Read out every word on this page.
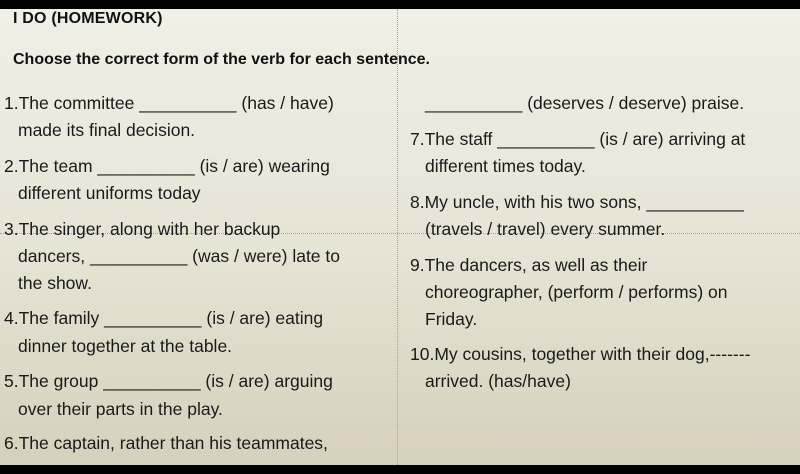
I DO (HOMEWORK)
Choose the correct form of the verb for each sentence.
1.The committee __________ (has / have)
made its final decision.
2.The team __________ (is / are) wearing
different uniforms today
3.The singer, along with her backup
dancers, __________ (was / were) late to
the show.
4.The family __________ (is / are) eating
dinner together at the table.
5.The group __________ (is / are) arguing
over their parts in the play.
6.The captain, rather than his teammates,
__________ (deserves / deserve) praise.
7.The staff __________ (is / are) arriving at
different times today.
8.My uncle, with his two sons, __________
(travels / travel) every summer.
9.The dancers, as well as their
choreographer, (perform / performs) on
Friday.
10.My cousins, together with their dog,-------
arrived. (has/have)
